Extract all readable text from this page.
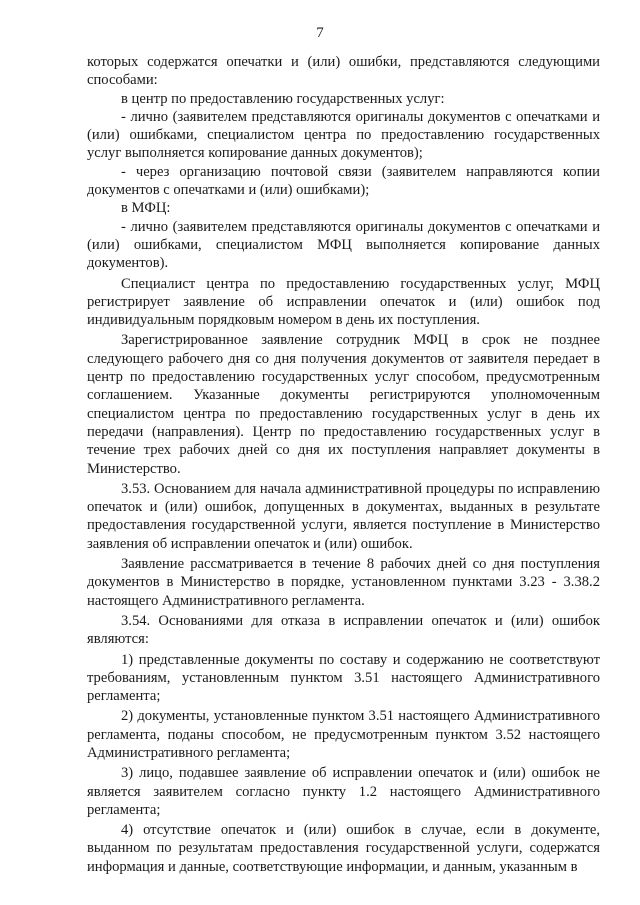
7

которых содержатся опечатки и (или) ошибки, представляются следующими способами:

в центр по предоставлению государственных услуг:

- лично (заявителем представляются оригиналы документов с опечатками и (или) ошибками, специалистом центра по предоставлению государственных услуг выполняется копирование данных документов);

- через организацию почтовой связи (заявителем направляются копии документов с опечатками и (или) ошибками);

в МФЦ:

- лично (заявителем представляются оригиналы документов с опечатками и (или) ошибками, специалистом МФЦ выполняется копирование данных документов).

Специалист центра по предоставлению государственных услуг, МФЦ регистрирует заявление об исправлении опечаток и (или) ошибок под индивидуальным порядковым номером в день их поступления.

Зарегистрированное заявление сотрудник МФЦ в срок не позднее следующего рабочего дня со дня получения документов от заявителя передает в центр по предоставлению государственных услуг способом, предусмотренным соглашением. Указанные документы регистрируются уполномоченным специалистом центра по предоставлению государственных услуг в день их передачи (направления). Центр по предоставлению государственных услуг в течение трех рабочих дней со дня их поступления направляет документы в Министерство.

3.53. Основанием для начала административной процедуры по исправлению опечаток и (или) ошибок, допущенных в документах, выданных в результате предоставления государственной услуги, является поступление в Министерство заявления об исправлении опечаток и (или) ошибок.

Заявление рассматривается в течение 8 рабочих дней со дня поступления документов в Министерство в порядке, установленном пунктами 3.23 - 3.38.2 настоящего Административного регламента.

3.54. Основаниями для отказа в исправлении опечаток и (или) ошибок являются:

1) представленные документы по составу и содержанию не соответствуют требованиям, установленным пунктом 3.51 настоящего Административного регламента;

2) документы, установленные пунктом 3.51 настоящего Административного регламента, поданы способом, не предусмотренным пунктом 3.52 настоящего Административного регламента;

3) лицо, подавшее заявление об исправлении опечаток и (или) ошибок не является заявителем согласно пункту 1.2 настоящего Административного регламента;

4) отсутствие опечаток и (или) ошибок в случае, если в документе, выданном по результатам предоставления государственной услуги, содержатся информация и данные, соответствующие информации, и данным, указанным в
